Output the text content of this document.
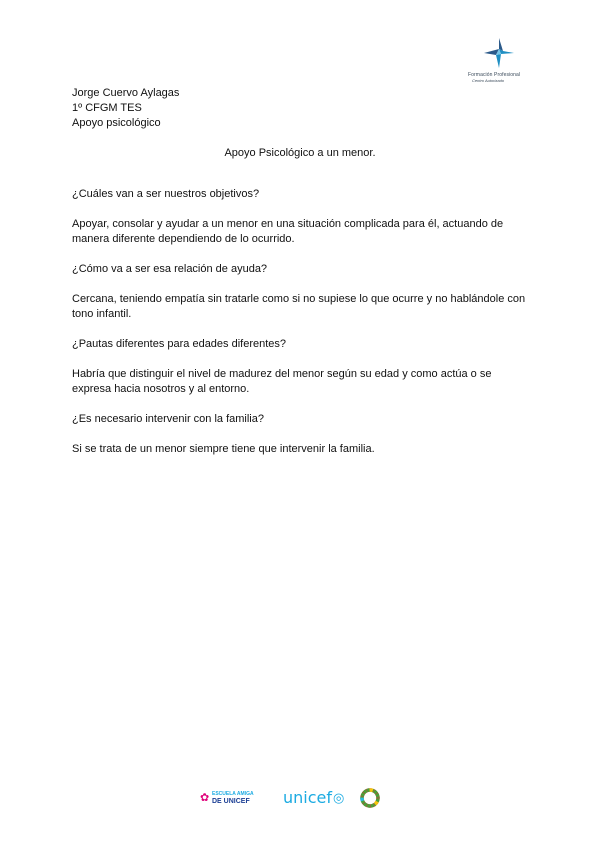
Formación Profesional
Centro Autorizado
Jorge Cuervo Aylagas
1º CFGM TES
Apoyo psicológico
Apoyo Psicológico a un menor.

¿Cuáles van a ser nuestros objetivos?

Apoyar, consolar y ayudar a un menor en una situación complicada para él, actuando de manera diferente dependiendo de lo ocurrido.

¿Cómo va a ser esa relación de ayuda?

Cercana, teniendo empatía sin tratarle como si no supiese lo que ocurre y no hablándole con tono infantil.

¿Pautas diferentes para edades diferentes?

Habría que distinguir el nivel de madurez del menor según su edad y como actúa o se expresa hacia nosotros y al entorno.

¿Es necesario intervenir con la familia?

Si se trata de un menor siempre tiene que intervenir la familia.

✿ ESCUELA AMIGA
DE UNICEF unicef◎
